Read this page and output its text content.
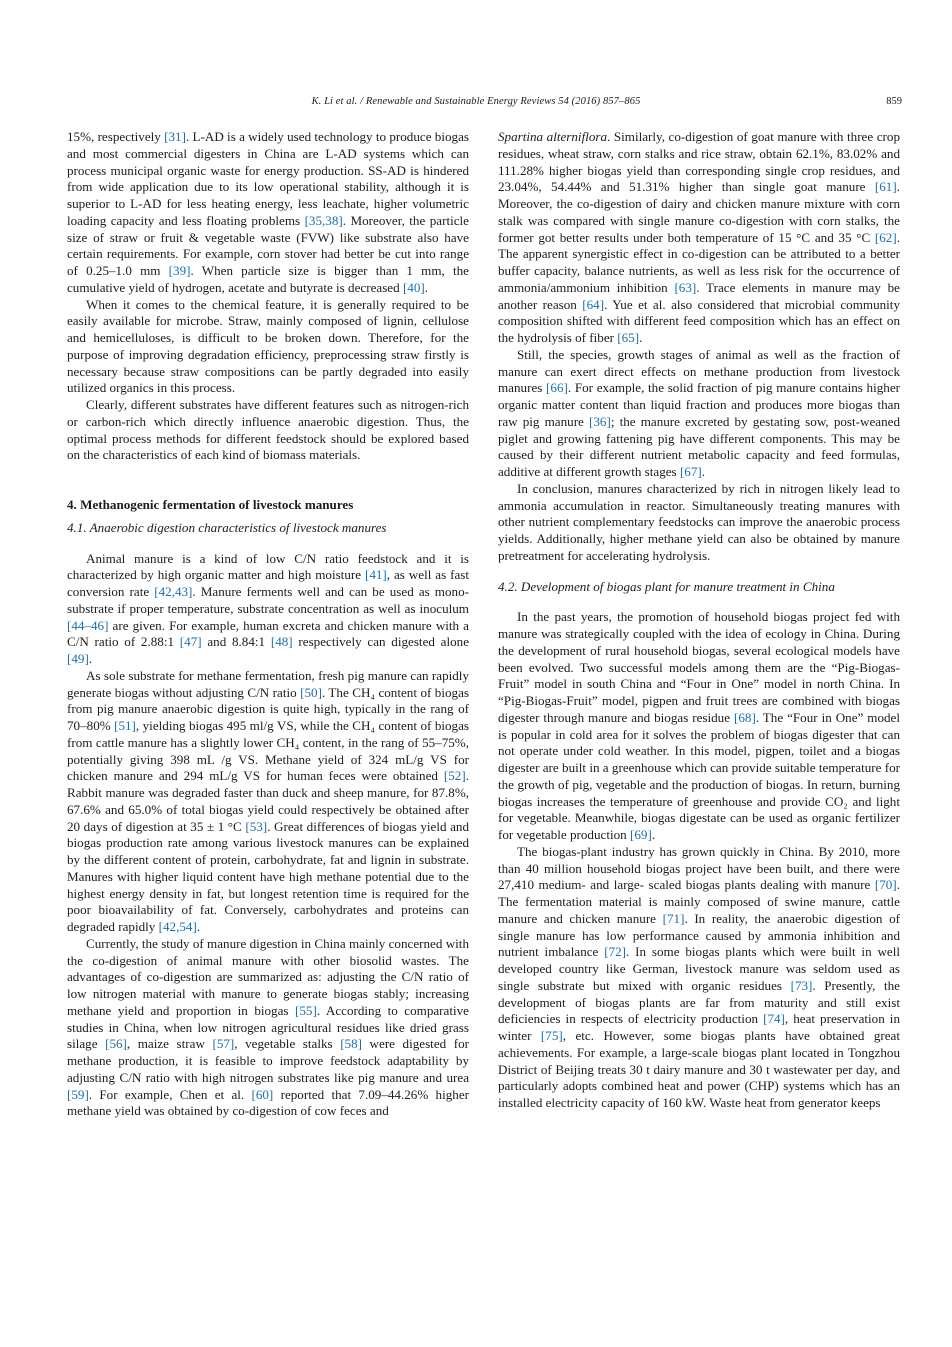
K. Li et al. / Renewable and Sustainable Energy Reviews 54 (2016) 857–865	859

15%, respectively [31]. L-AD is a widely used technology to produce biogas and most commercial digesters in China are L-AD systems which can process municipal organic waste for energy production. SS-AD is hindered from wide application due to its low operational stability, although it is superior to L-AD for less heating energy, less leachate, higher volumetric loading capacity and less floating problems [35,38]. Moreover, the particle size of straw or fruit & vegetable waste (FVW) like substrate also have certain requirements. For example, corn stover had better be cut into range of 0.25–1.0 mm [39]. When particle size is bigger than 1 mm, the cumulative yield of hydrogen, acetate and butyrate is decreased [40].

When it comes to the chemical feature, it is generally required to be easily available for microbe. Straw, mainly composed of lignin, cellulose and hemicelluloses, is difficult to be broken down. Therefore, for the purpose of improving degradation efficiency, preprocessing straw firstly is necessary because straw compositions can be partly degraded into easily utilized organics in this process.

Clearly, different substrates have different features such as nitrogen-rich or carbon-rich which directly influence anaerobic digestion. Thus, the optimal process methods for different feedstock should be explored based on the characteristics of each kind of biomass materials.

4. Methanogenic fermentation of livestock manures

4.1. Anaerobic digestion characteristics of livestock manures

Animal manure is a kind of low C/N ratio feedstock and it is characterized by high organic matter and high moisture [41], as well as fast conversion rate [42,43]. Manure ferments well and can be used as mono-substrate if proper temperature, substrate concentration as well as inoculum [44–46] are given. For example, human excreta and chicken manure with a C/N ratio of 2.88:1 [47] and 8.84:1 [48] respectively can digested alone [49].

As sole substrate for methane fermentation, fresh pig manure can rapidly generate biogas without adjusting C/N ratio [50]. The CH₄ content of biogas from pig manure anaerobic digestion is quite high, typically in the rang of 70–80% [51], yielding biogas 495 ml/g VS, while the CH₄ content of biogas from cattle manure has a slightly lower CH₄ content, in the rang of 55–75%, potentially giving 398 mL /g VS. Methane yield of 324 mL/g VS for chicken manure and 294 mL/g VS for human feces were obtained [52]. Rabbit manure was degraded faster than duck and sheep manure, for 87.8%, 67.6% and 65.0% of total biogas yield could respectively be obtained after 20 days of digestion at 35 ± 1 °C [53]. Great differences of biogas yield and biogas production rate among various livestock manures can be explained by the different content of protein, carbohydrate, fat and lignin in substrate. Manures with higher liquid content have high methane potential due to the highest energy density in fat, but longest retention time is required for the poor bioavailability of fat. Conversely, carbohydrates and proteins can degraded rapidly [42,54].

Currently, the study of manure digestion in China mainly concerned with the co-digestion of animal manure with other biosolid wastes. The advantages of co-digestion are summarized as: adjusting the C/N ratio of low nitrogen material with manure to generate biogas stably; increasing methane yield and proportion in biogas [55]. According to comparative studies in China, when low nitrogen agricultural residues like dried grass silage [56], maize straw [57], vegetable stalks [58] were digested for methane production, it is feasible to improve feedstock adaptability by adjusting C/N ratio with high nitrogen substrates like pig manure and urea [59]. For example, Chen et al. [60] reported that 7.09–44.26% higher methane yield was obtained by co-digestion of cow feces and

Spartina alterniflora. Similarly, co-digestion of goat manure with three crop residues, wheat straw, corn stalks and rice straw, obtain 62.1%, 83.02% and 111.28% higher biogas yield than corresponding single crop residues, and 23.04%, 54.44% and 51.31% higher than single goat manure [61]. Moreover, the co-digestion of dairy and chicken manure mixture with corn stalk was compared with single manure co-digestion with corn stalks, the former got better results under both temperature of 15 °C and 35 °C [62]. The apparent synergistic effect in co-digestion can be attributed to a better buffer capacity, balance nutrients, as well as less risk for the occurrence of ammonia/ammonium inhibition [63]. Trace elements in manure may be another reason [64]. Yue et al. also considered that microbial community composition shifted with different feed composition which has an effect on the hydrolysis of fiber [65].

Still, the species, growth stages of animal as well as the fraction of manure can exert direct effects on methane production from livestock manures [66]. For example, the solid fraction of pig manure contains higher organic matter content than liquid fraction and produces more biogas than raw pig manure [36]; the manure excreted by gestating sow, post-weaned piglet and growing fattening pig have different components. This may be caused by their different nutrient metabolic capacity and feed formulas, additive at different growth stages [67].

In conclusion, manures characterized by rich in nitrogen likely lead to ammonia accumulation in reactor. Simultaneously treating manures with other nutrient complementary feedstocks can improve the anaerobic process yields. Additionally, higher methane yield can also be obtained by manure pretreatment for accelerating hydrolysis.

4.2. Development of biogas plant for manure treatment in China

In the past years, the promotion of household biogas project fed with manure was strategically coupled with the idea of ecology in China. During the development of rural household biogas, several ecological models have been evolved. Two successful models among them are the “Pig-Biogas-Fruit” model in south China and “Four in One” model in north China. In “Pig-Biogas-Fruit” model, pigpen and fruit trees are combined with biogas digester through manure and biogas residue [68]. The “Four in One” model is popular in cold area for it solves the problem of biogas digester that can not operate under cold weather. In this model, pigpen, toilet and a biogas digester are built in a greenhouse which can provide suitable temperature for the growth of pig, vegetable and the production of biogas. In return, burning biogas increases the temperature of greenhouse and provide CO₂ and light for vegetable. Meanwhile, biogas digestate can be used as organic fertilizer for vegetable production [69].

The biogas-plant industry has grown quickly in China. By 2010, more than 40 million household biogas project have been built, and there were 27,410 medium- and large- scaled biogas plants dealing with manure [70]. The fermentation material is mainly composed of swine manure, cattle manure and chicken manure [71]. In reality, the anaerobic digestion of single manure has low performance caused by ammonia inhibition and nutrient imbalance [72]. In some biogas plants which were built in well developed country like German, livestock manure was seldom used as single substrate but mixed with organic residues [73]. Presently, the development of biogas plants are far from maturity and still exist deficiencies in respects of electricity production [74], heat preservation in winter [75], etc. However, some biogas plants have obtained great achievements. For example, a large-scale biogas plant located in Tongzhou District of Beijing treats 30 t dairy manure and 30 t wastewater per day, and particularly adopts combined heat and power (CHP) systems which has an installed electricity capacity of 160 kW. Waste heat from generator keeps
